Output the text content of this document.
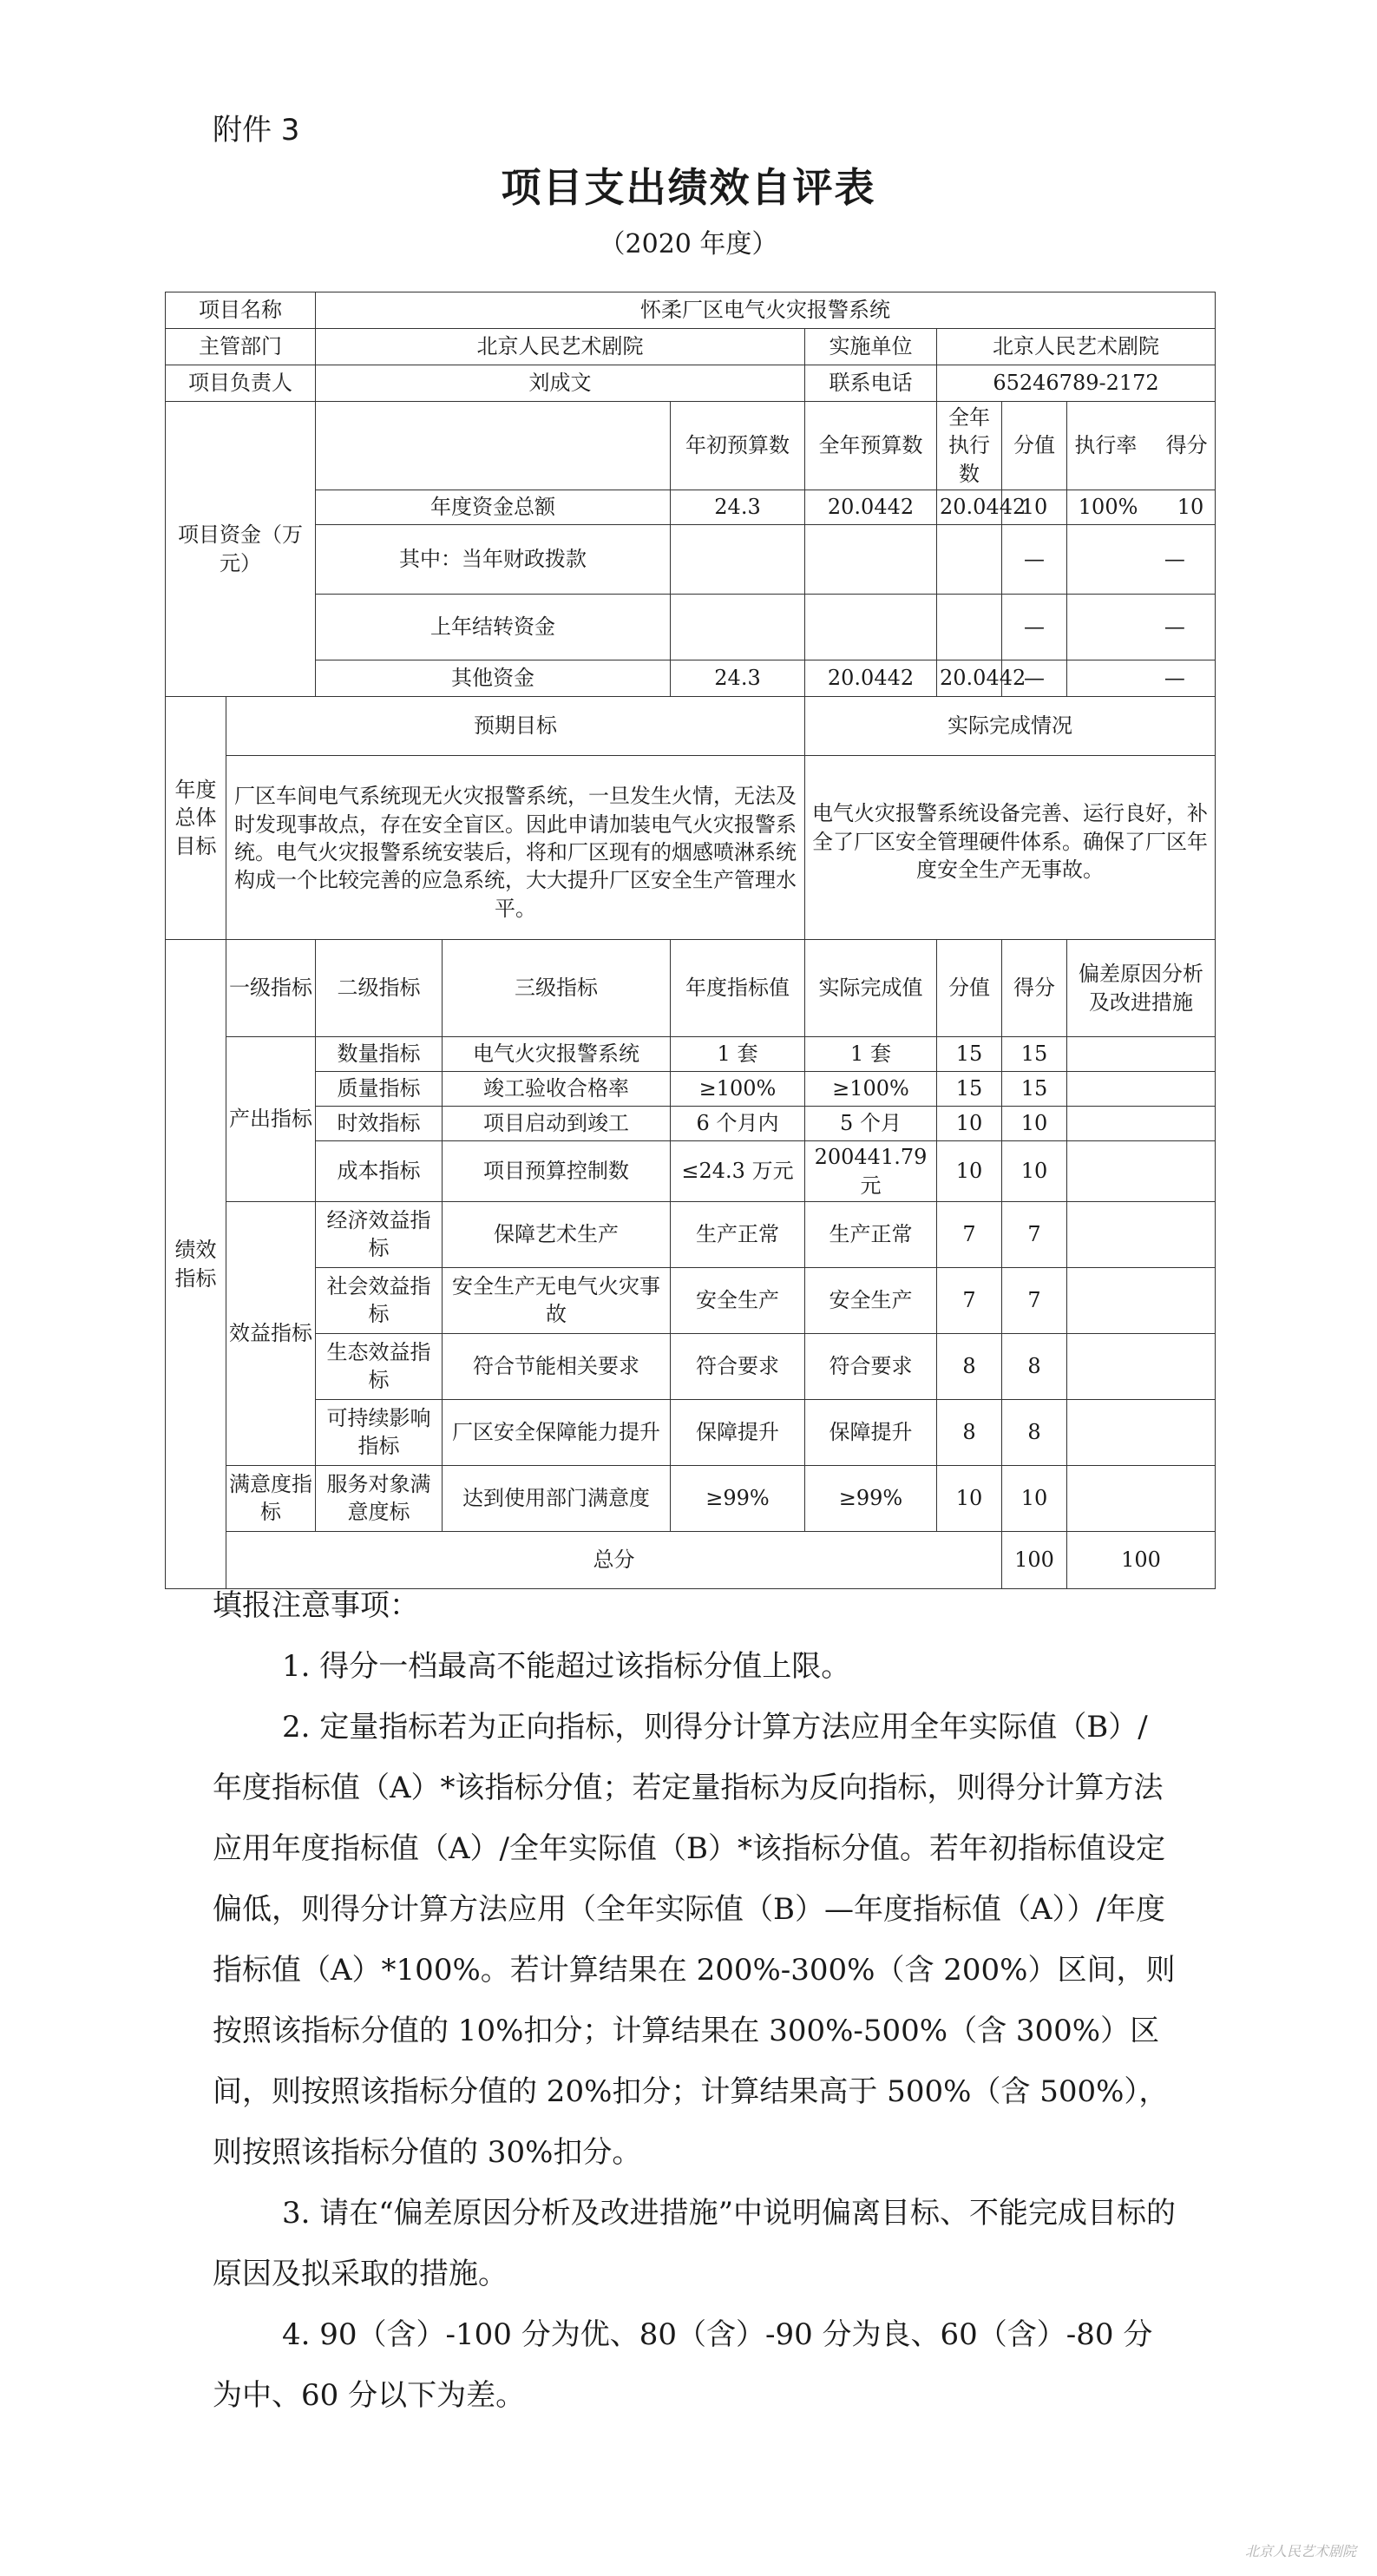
附件 3
项目支出绩效自评表
（2020 年度）
项目名称		怀柔厂区电气火灾报警系统							
主管部门		北京人民艺术剧院			实施单位	北京人民艺术剧院			
项目负责人		刘成文			联系电话	65246789-2172			
项目资金（万元）				年初预算数	全年预算数	全年执行数	分值	执行率 得分	
		年度资金总额		24.3	20.0442	20.0442	10	100% 10	
		其中：当年财政拨款					—	—	
		上年结转资金					—	—	
		其他资金		24.3	20.0442	20.0442	—	—	
年度总体目标	预期目标				实际完成情况				
	厂区车间电气系统现无火灾报警系统，一旦发生火情，无法及时发现事故点，存在安全盲区。因此申请加装电气火灾报警系统。电气火灾报警系统安装后，将和厂区现有的烟感喷淋系统构成一个比较完善的应急系统，大大提升厂区安全生产管理水平。				电气火灾报警系统设备完善、运行良好，补全了厂区安全管理硬件体系。确保了厂区年度安全生产无事故。				
绩效指标	一级指标	二级指标	三级指标	年度指标值	实际完成值	分值	得分	偏差原因分析及改进措施	
	产出指标	数量指标	电气火灾报警系统	1 套	1 套	15	15		
		质量指标	竣工验收合格率	≥100%	≥100%	15	15		
		时效指标	项目启动到竣工	6 个月内	5 个月	10	10		
		成本指标	项目预算控制数	≤24.3 万元	200441.79 元	10	10		
	效益指标	经济效益指标	保障艺术生产	生产正常	生产正常	7	7		
		社会效益指标	安全生产无电气火灾事故	安全生产	安全生产	7	7		
		生态效益指标	符合节能相关要求	符合要求	符合要求	8	8		
		可持续影响指标	厂区安全保障能力提升	保障提升	保障提升	8	8		
	满意度指标	服务对象满意度标	达到使用部门满意度	≥99%	≥99%	10	10		
	总分						100	100	

填报注意事项：

1. 得分一档最高不能超过该指标分值上限。

2. 定量指标若为正向指标，则得分计算方法应用全年实际值（B）/年度指标值（A）*该指标分值；若定量指标为反向指标，则得分计算方法应用年度指标值（A）/全年实际值（B）*该指标分值。若年初指标值设定偏低，则得分计算方法应用（全年实际值（B）—年度指标值（A））/年度指标值（A）*100%。若计算结果在 200%-300%（含 200%）区间，则按照该指标分值的 10%扣分；计算结果在 300%-500%（含 300%）区间，则按照该指标分值的 20%扣分；计算结果高于 500%（含 500%），则按照该指标分值的 30%扣分。

3. 请在“偏差原因分析及改进措施”中说明偏离目标、不能完成目标的原因及拟采取的措施。

4. 90（含）-100 分为优、80（含）-90 分为良、60（含）-80 分为中、60 分以下为差。

北京人民艺术剧院
